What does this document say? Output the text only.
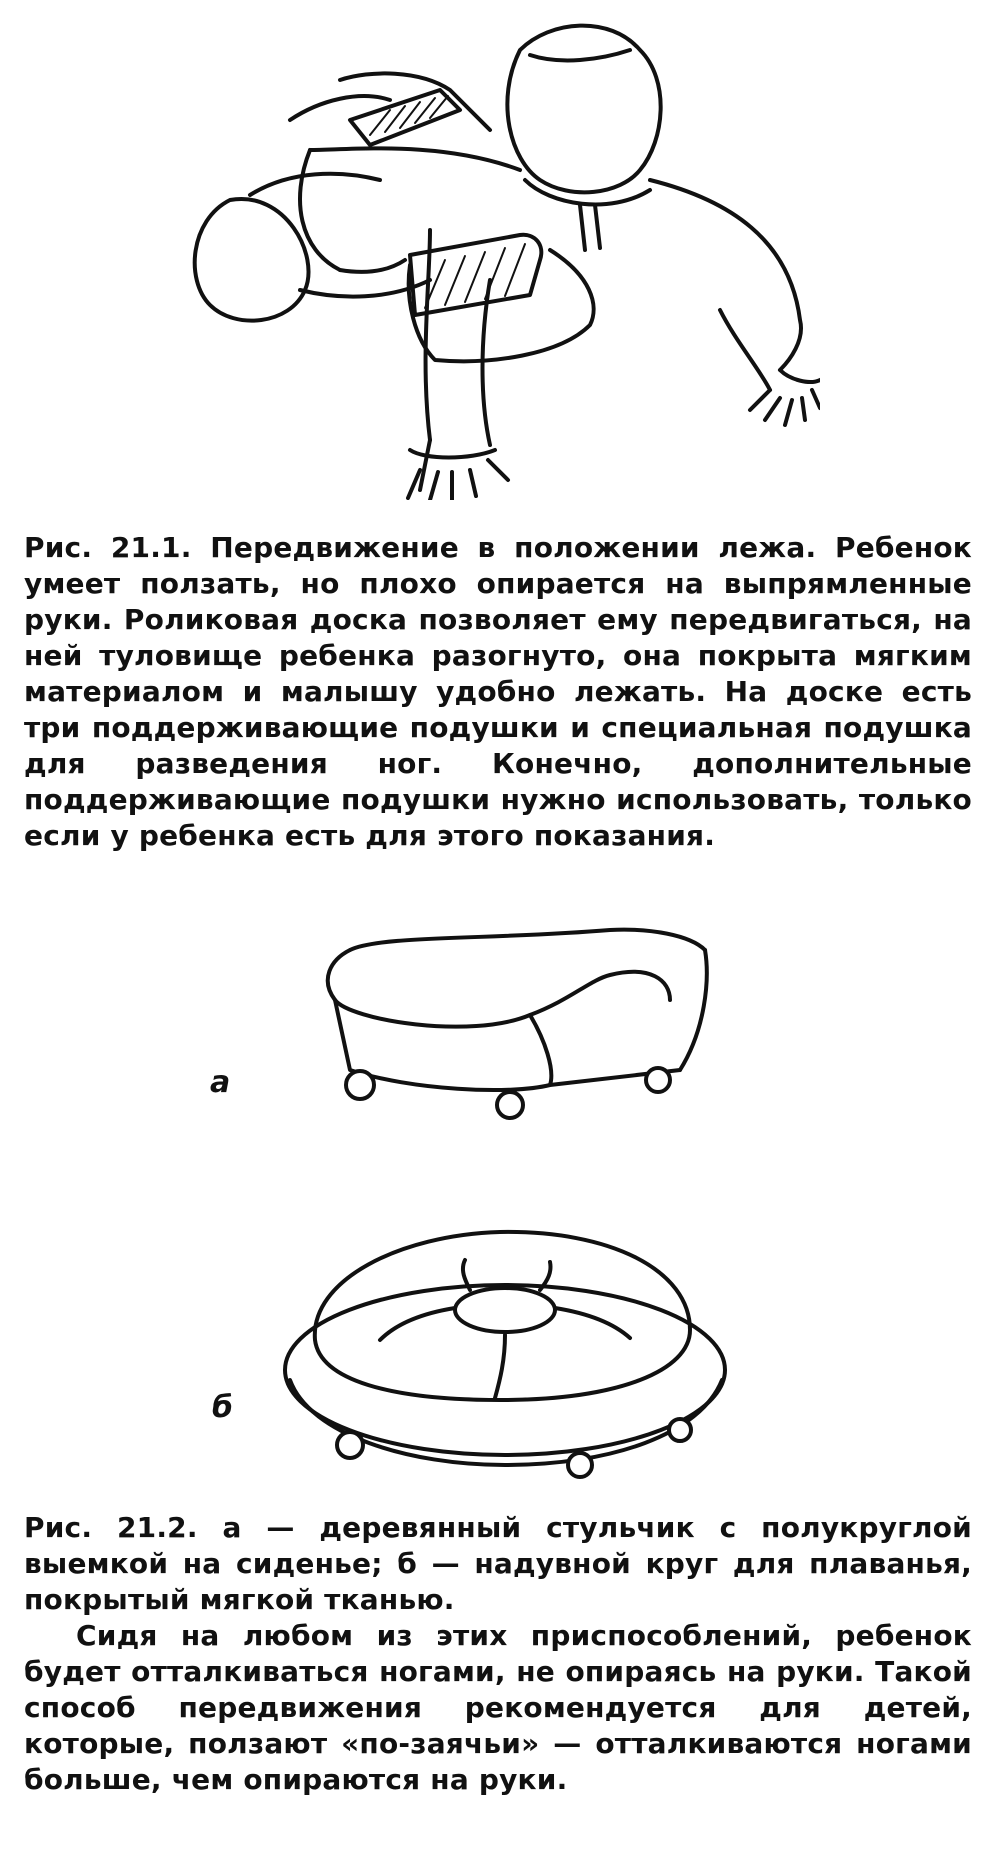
Рис. 21.1. Передвижение в положении лежа. Ребенок умеет ползать, но плохо опирается на выпрямленные руки. Роликовая доска позволяет ему передвигаться, на ней туловище ребенка разогнуто, она покрыта мягким материалом и малышу удобно лежать. На доске есть три поддерживающие подушки и специальная подушка для разведения ног. Конечно, дополнительные поддерживающие подушки нужно использовать, только если у ребенка есть для этого показания.

а
б

Рис. 21.2. а — деревянный стульчик с полукруглой выемкой на сиденье; б — надувной круг для плаванья, покрытый мягкой тканью.

Сидя на любом из этих приспособлений, ребенок будет отталкиваться ногами, не опираясь на руки. Такой способ передвижения рекомендуется для детей, которые, ползают «по-заячьи» — отталкиваются ногами больше, чем опираются на руки.
